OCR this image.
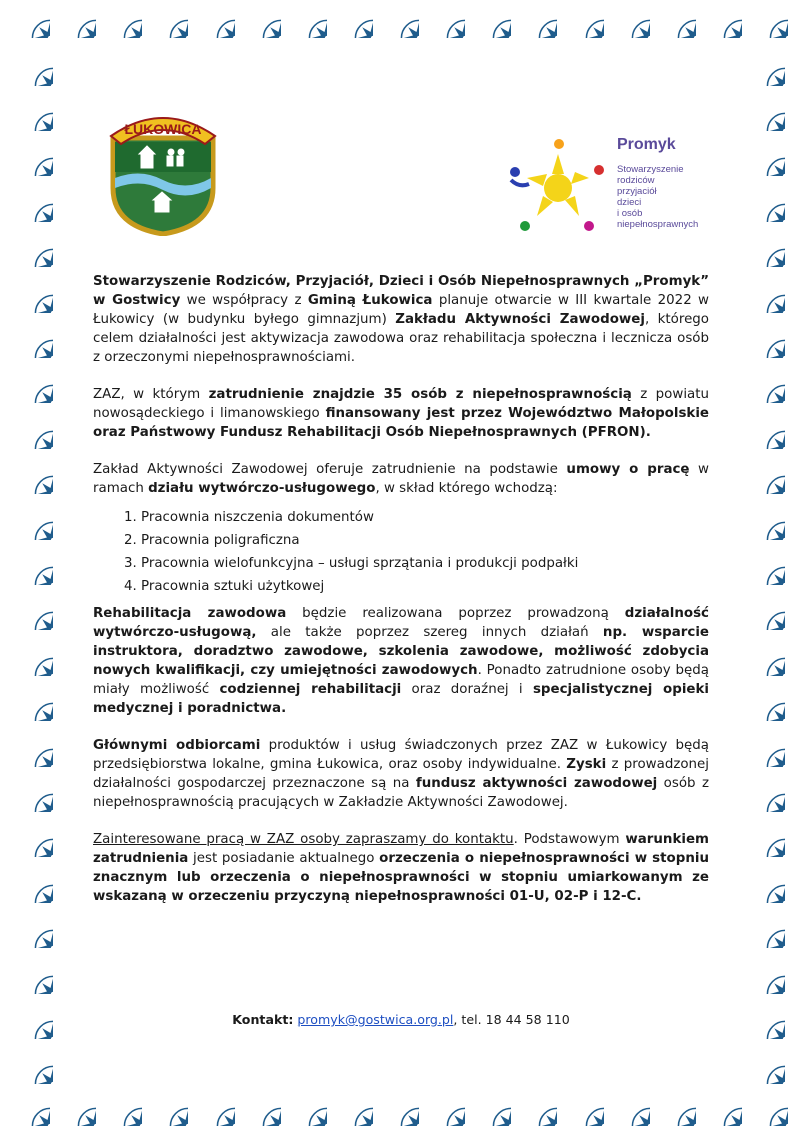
ŁUKOWICA
Promyk
Stowarzyszenie
rodziców
przyjaciół
dzieci
i osób
niepełnosprawnych

Stowarzyszenie Rodziców, Przyjaciół, Dzieci i Osób Niepełnosprawnych „Promyk” w Gostwicy we współpracy z Gminą Łukowica planuje otwarcie w III kwartale 2022 w Łukowicy (w budynku byłego gimnazjum) Zakładu Aktywności Zawodowej, którego celem działalności jest aktywizacja zawodowa oraz rehabilitacja społeczna i lecznicza osób z orzeczonymi niepełnosprawnościami.

ZAZ, w którym zatrudnienie znajdzie 35 osób z niepełnosprawnością z powiatu nowosądeckiego i limanowskiego finansowany jest przez Województwo Małopolskie oraz Państwowy Fundusz Rehabilitacji Osób Niepełnosprawnych (PFRON).

Zakład Aktywności Zawodowej oferuje zatrudnienie na podstawie umowy o pracę w ramach działu wytwórczo-usługowego, w skład którego wchodzą:

1. Pracownia niszczenia dokumentów
2. Pracownia poligraficzna
3. Pracownia wielofunkcyjna – usługi sprzątania i produkcji podpałki
4. Pracownia sztuki użytkowej

Rehabilitacja zawodowa będzie realizowana poprzez prowadzoną działalność wytwórczo-usługową, ale także poprzez szereg innych działań np. wsparcie instruktora, doradztwo zawodowe, szkolenia zawodowe, możliwość zdobycia nowych kwalifikacji, czy umiejętności zawodowych. Ponadto zatrudnione osoby będą miały możliwość codziennej rehabilitacji oraz doraźnej i specjalistycznej opieki medycznej i poradnictwa.

Głównymi odbiorcami produktów i usług świadczonych przez ZAZ w Łukowicy będą przedsiębiorstwa lokalne, gmina Łukowica, oraz osoby indywidualne. Zyski z prowadzonej działalności gospodarczej przeznaczone są na fundusz aktywności zawodowej osób z niepełnosprawnością pracujących w Zakładzie Aktywności Zawodowej.

Zainteresowane pracą w ZAZ osoby zapraszamy do kontaktu. Podstawowym warunkiem zatrudnienia jest posiadanie aktualnego orzeczenia o niepełnosprawności w stopniu znacznym lub orzeczenia o niepełnosprawności w stopniu umiarkowanym ze wskazaną w orzeczeniu przyczyną niepełnosprawności 01-U, 02-P i 12-C.

Kontakt: promyk@gostwica.org.pl, tel. 18 44 58 110
